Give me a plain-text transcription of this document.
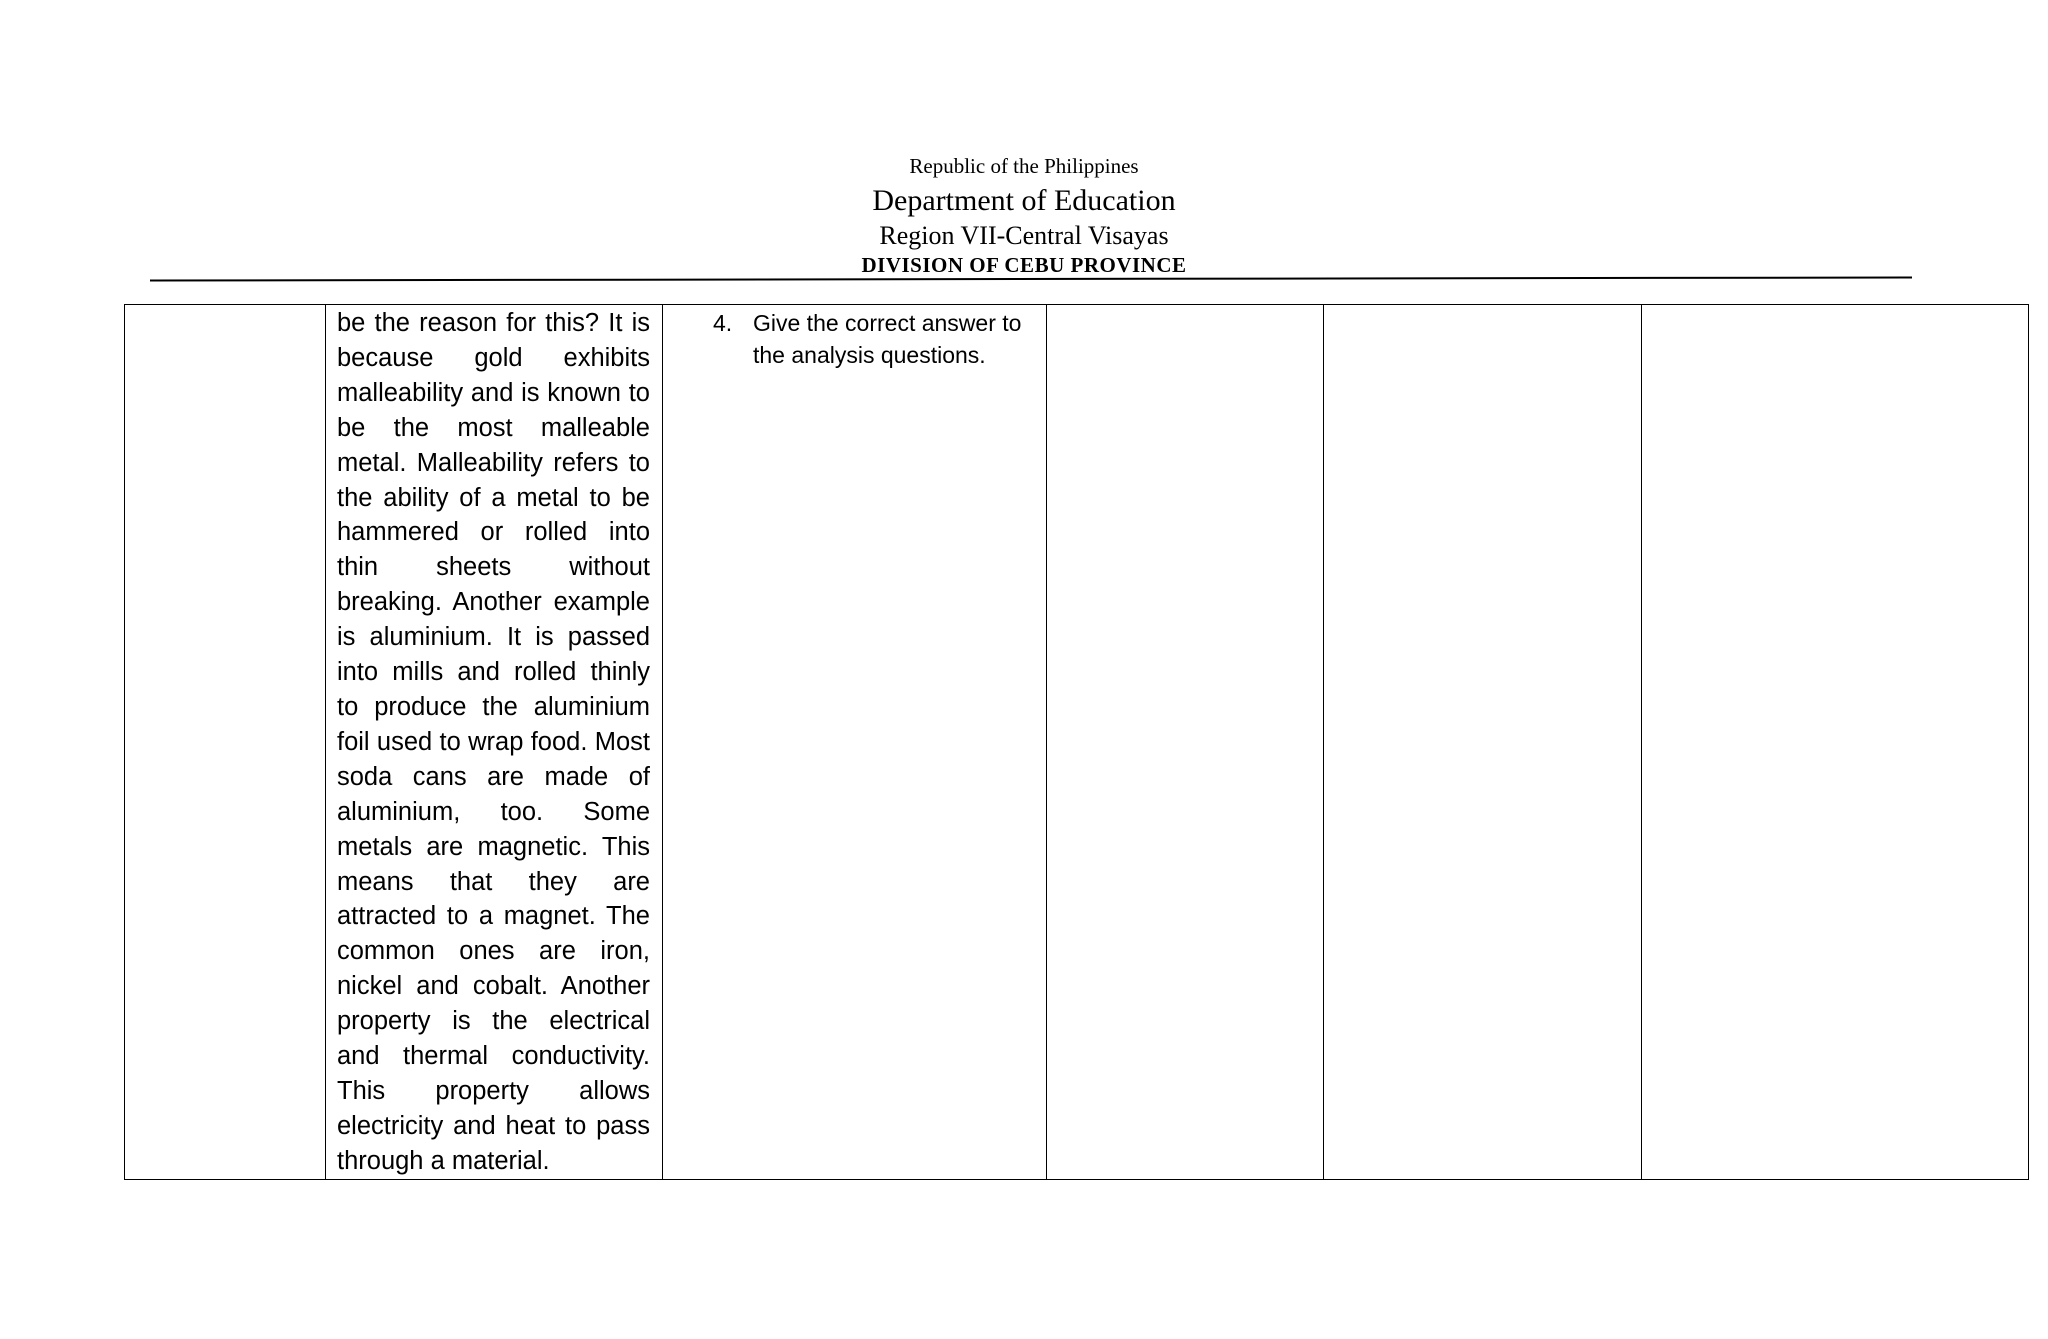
Republic of the Philippines
Department of Education
Region VII-Central Visayas
DIVISION OF CEBU PROVINCE

be the reason for this? It is because gold exhibits malleability and is known to be the most malleable metal. Malleability refers to the ability of a metal to be hammered or rolled into thin sheets without breaking. Another example is aluminium. It is passed into mills and rolled thinly to produce the aluminium foil used to wrap food. Most soda cans are made of aluminium, too. Some metals are magnetic. This means that they are attracted to a magnet. The common ones are iron, nickel and cobalt. Another property is the electrical and thermal conductivity. This property allows electricity and heat to pass through a material.

4. Give the correct answer to the analysis questions.
